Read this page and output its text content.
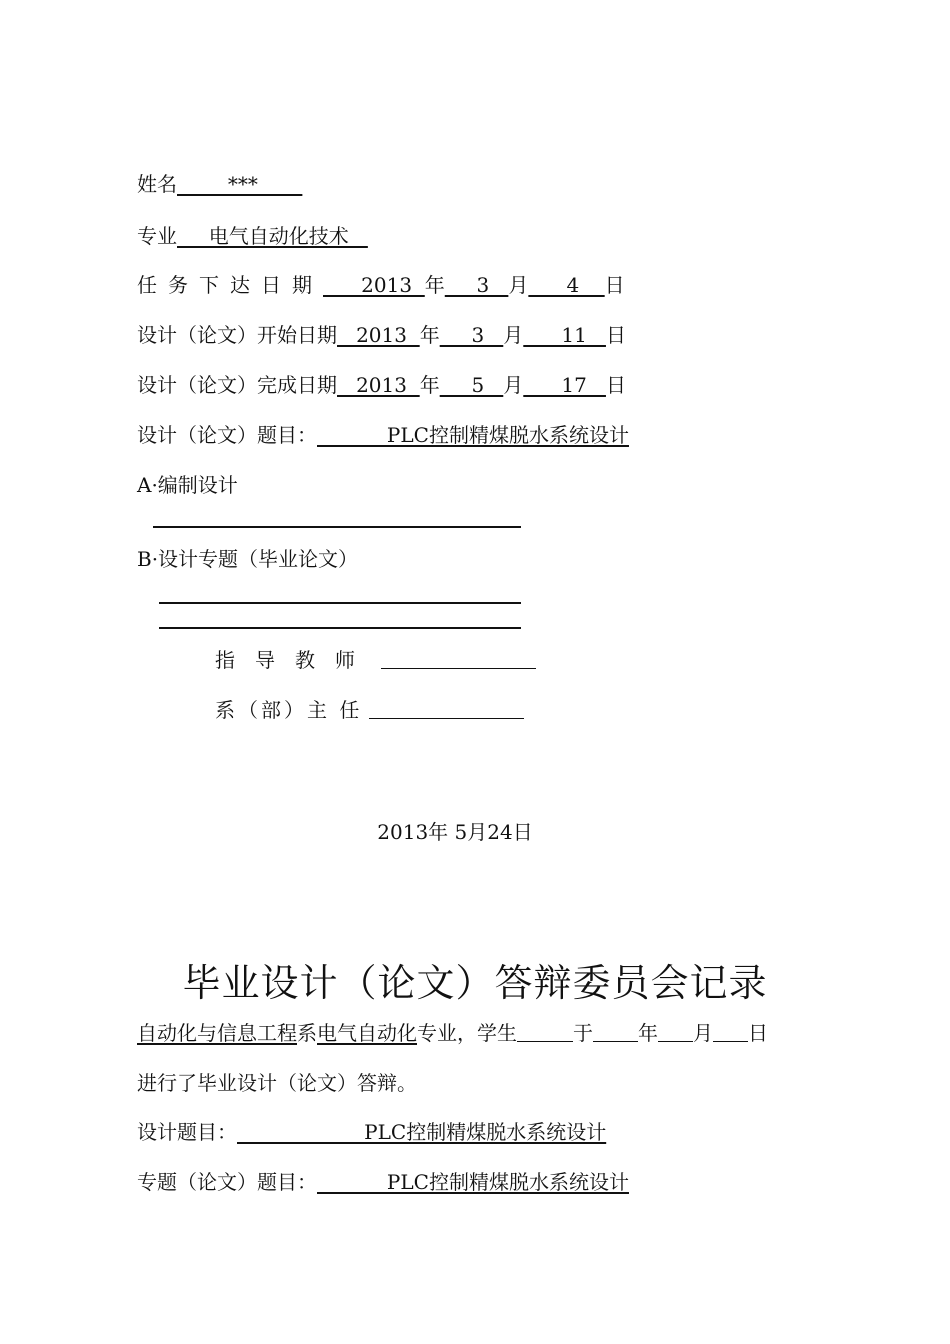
姓名        ***
专业     电气自动化技术
任务下达日期      2013  年     3   月      4    日
设计（论文）开始日期   2013  年     3   月      11   日
设计（论文）完成日期   2013  年     5   月      17   日
设计（论文）题目：           PLC控制精煤脱水系统设计
A·编制设计
B·设计专题（毕业论文）
指导教师
系（部）主 任
2013年 5月24日
毕业设计（论文）答辩委员会记录
自动化与信息工程系电气自动化专业，学生	于 年 月 日
进行了毕业设计（论文）答辩。
设计题目：                    PLC控制精煤脱水系统设计
专题（论文）题目：           PLC控制精煤脱水系统设计
